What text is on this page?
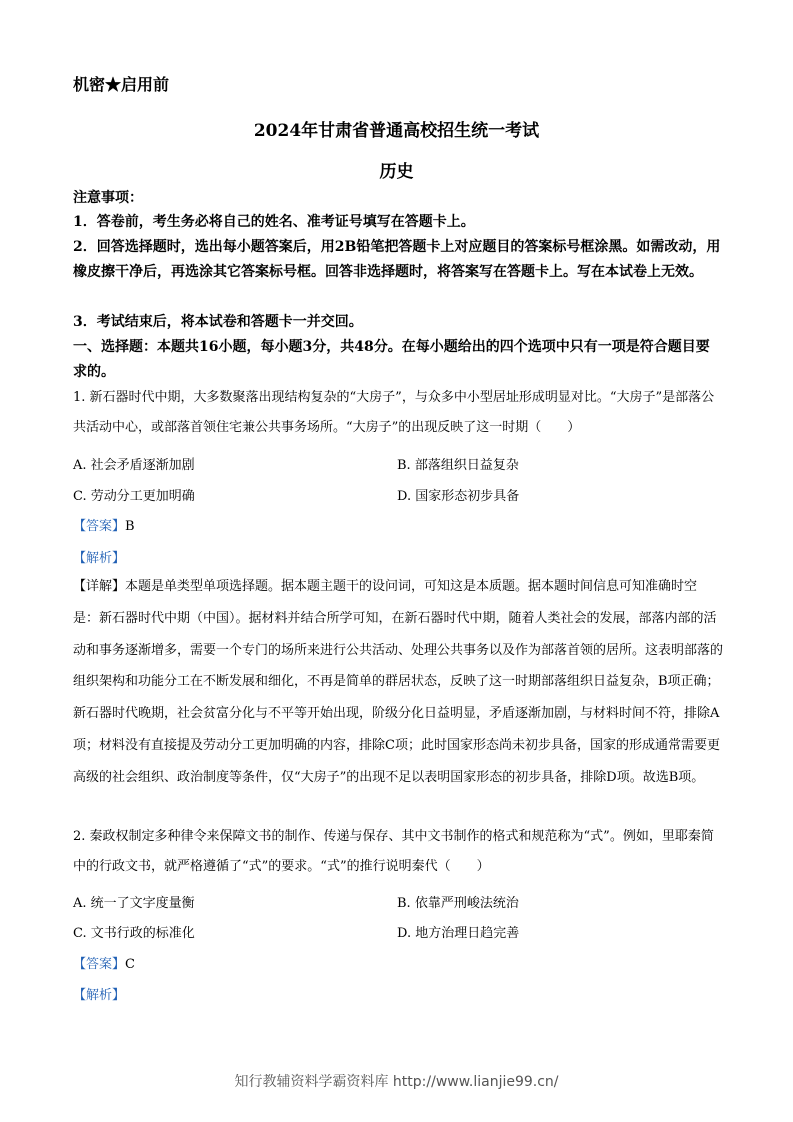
机密★启用前
2024年甘肃省普通高校招生统一考试
历史
注意事项：
1．答卷前，考生务必将自己的姓名、准考证号填写在答题卡上。
2．回答选择题时，选出每小题答案后，用2B铅笔把答题卡上对应题目的答案标号框涂黑。如需改动，用橡皮擦干净后，再选涂其它答案标号框。回答非选择题时，将答案写在答题卡上。写在本试卷上无效。
3．考试结束后，将本试卷和答题卡一并交回。
一、选择题：本题共16小题，每小题3分，共48分。在每小题给出的四个选项中只有一项是符合题目要求的。
1. 新石器时代中期，大多数聚落出现结构复杂的“大房子”，与众多中小型居址形成明显对比。“大房子”是部落公共活动中心，或部落首领住宅兼公共事务场所。“大房子”的出现反映了这一时期（　　）
A. 社会矛盾逐渐加剧	B. 部落组织日益复杂
C. 劳动分工更加明确	D. 国家形态初步具备
【答案】B
【解析】
【详解】本题是单类型单项选择题。据本题主题干的设问词，可知这是本质题。据本题时间信息可知准确时空是：新石器时代中期（中国）。据材料并结合所学可知，在新石器时代中期，随着人类社会的发展，部落内部的活动和事务逐渐增多，需要一个专门的场所来进行公共活动、处理公共事务以及作为部落首领的居所。这表明部落的组织架构和功能分工在不断发展和细化，不再是简单的群居状态，反映了这一时期部落组织日益复杂，B项正确；新石器时代晚期，社会贫富分化与不平等开始出现，阶级分化日益明显，矛盾逐渐加剧，与材料时间不符，排除A项；材料没有直接提及劳动分工更加明确的内容，排除C项；此时国家形态尚未初步具备，国家的形成通常需要更高级的社会组织、政治制度等条件，仅“大房子”的出现不足以表明国家形态的初步具备，排除D项。故选B项。
2. 秦政权制定多种律令来保障文书的制作、传递与保存、其中文书制作的格式和规范称为“式”。例如，里耶秦简中的行政文书，就严格遵循了“式”的要求。“式”的推行说明秦代（　　）
A. 统一了文字度量衡	B. 依靠严刑峻法统治
C. 文书行政的标准化	D. 地方治理日趋完善
【答案】C
【解析】
知行教辅资料学霸资料库 http://www.lianjie99.cn/
